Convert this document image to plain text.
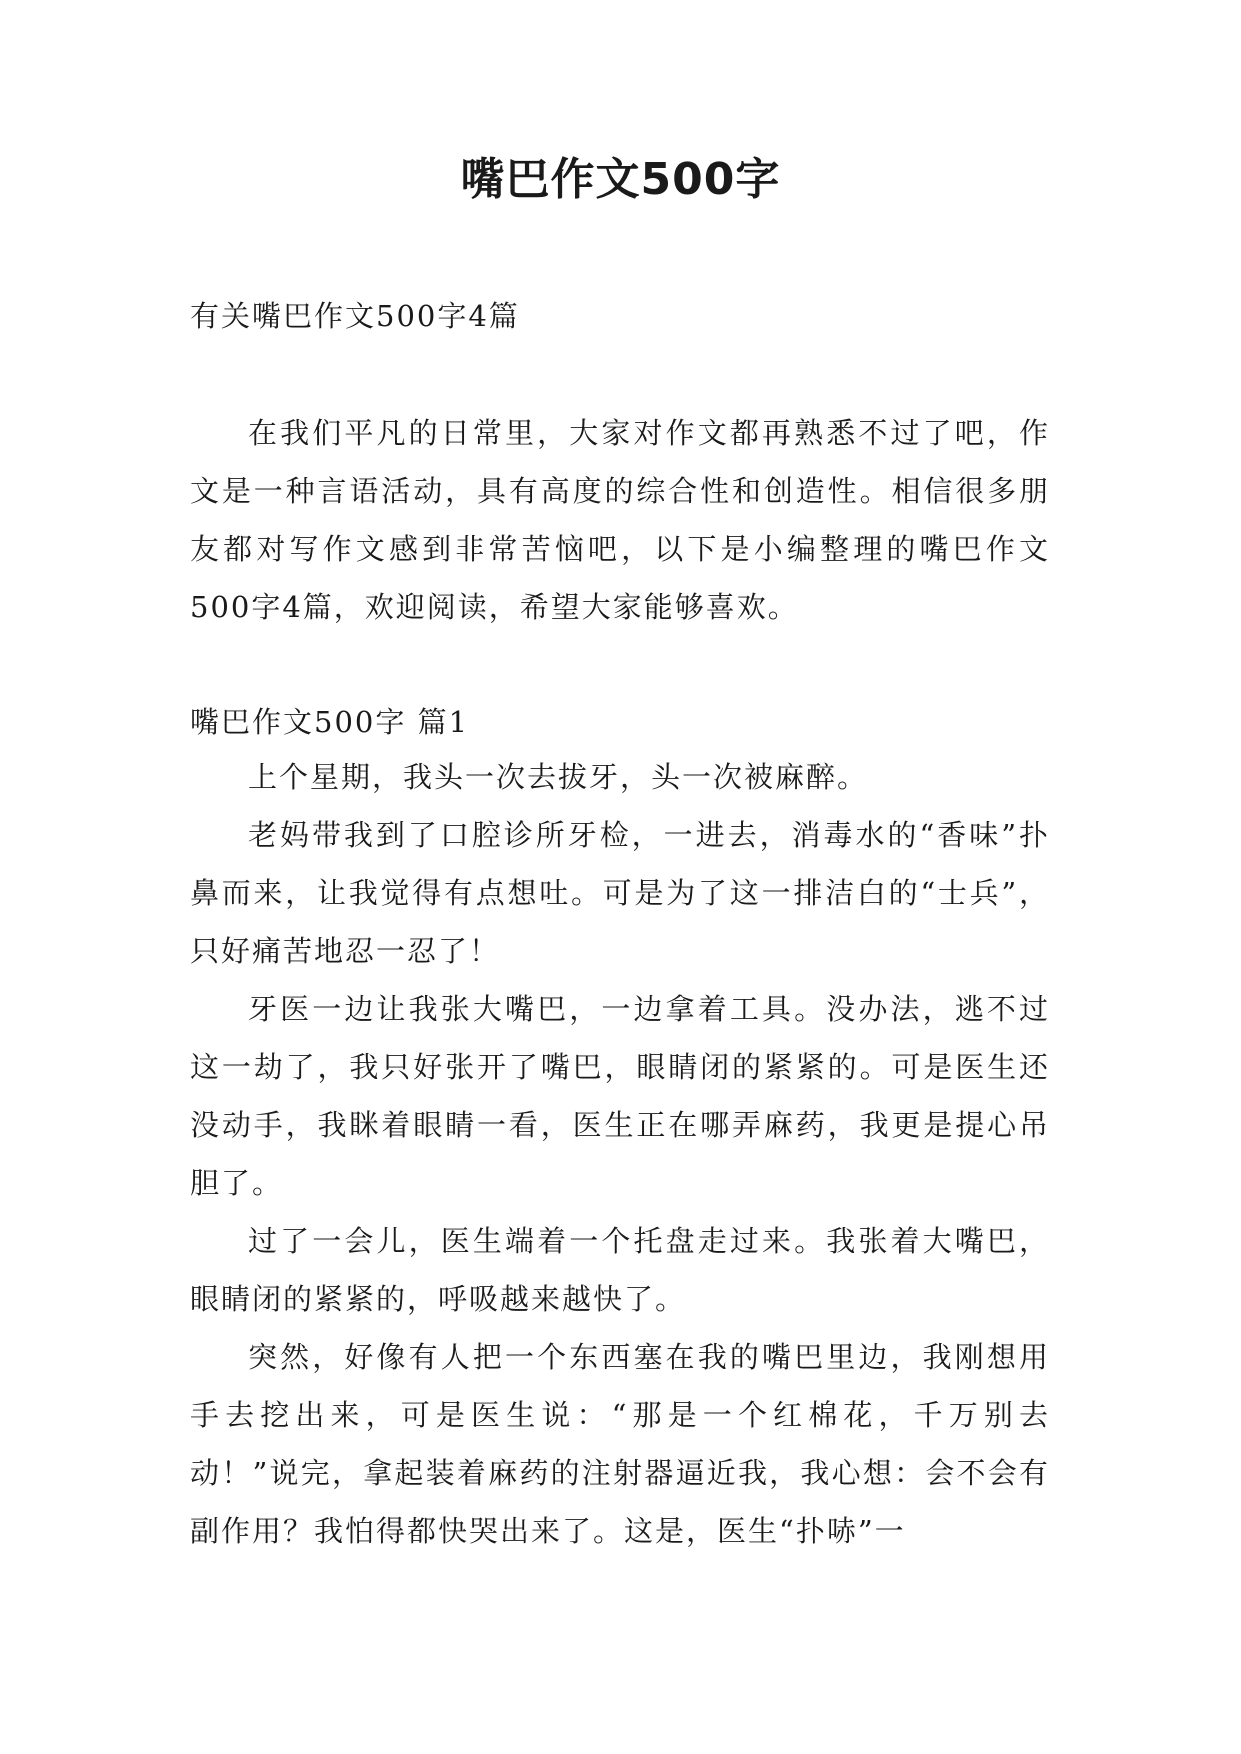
嘴巴作文500字

有关嘴巴作文500字4篇

在我们平凡的日常里，大家对作文都再熟悉不过了吧，作文是一种言语活动，具有高度的综合性和创造性。相信很多朋友都对写作文感到非常苦恼吧，以下是小编整理的嘴巴作文500字4篇，欢迎阅读，希望大家能够喜欢。

嘴巴作文500字 篇1

上个星期，我头一次去拔牙，头一次被麻醉。

老妈带我到了口腔诊所牙检，一进去，消毒水的“香味”扑鼻而来，让我觉得有点想吐。可是为了这一排洁白的“士兵”，只好痛苦地忍一忍了！

牙医一边让我张大嘴巴，一边拿着工具。没办法，逃不过这一劫了，我只好张开了嘴巴，眼睛闭的紧紧的。可是医生还没动手，我眯着眼睛一看，医生正在哪弄麻药，我更是提心吊胆了。

过了一会儿，医生端着一个托盘走过来。我张着大嘴巴，眼睛闭的紧紧的，呼吸越来越快了。

突然，好像有人把一个东西塞在我的嘴巴里边，我刚想用手去挖出来，可是医生说：“那是一个红棉花，千万别去动！”说完，拿起装着麻药的注射器逼近我，我心想：会不会有副作用？我怕得都快哭出来了。这是，医生“扑哧”一
